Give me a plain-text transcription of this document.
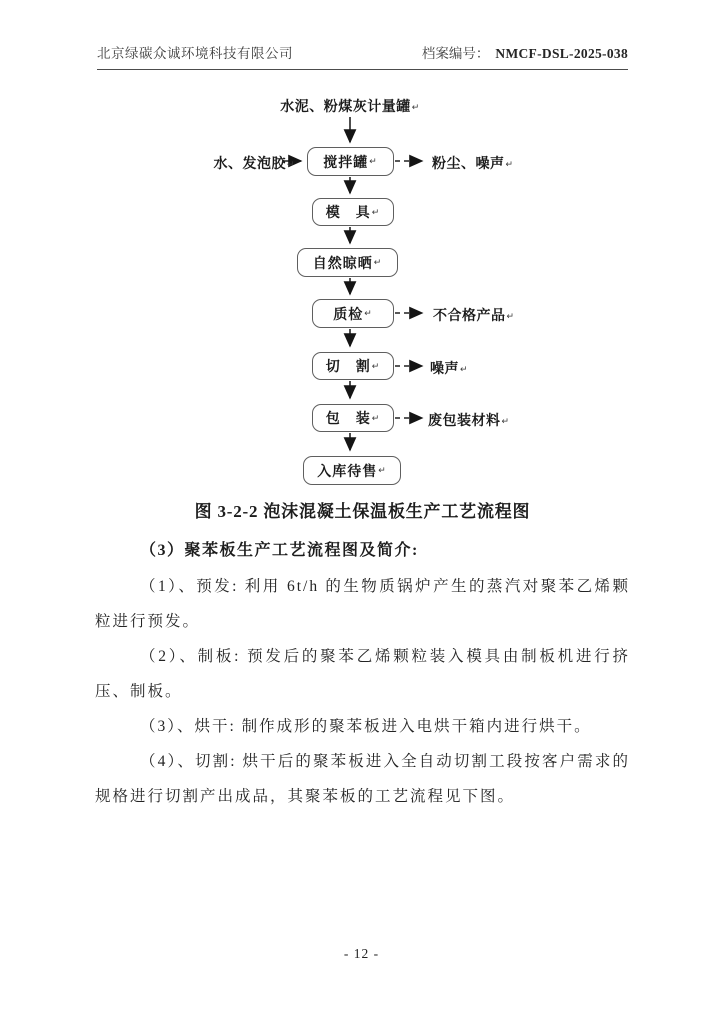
北京绿碳众诚环境科技有限公司	档案编号： NMCF-DSL-2025-038
水泥、粉煤灰计量罐↵
水、发泡胶↵ 搅拌罐 ↵	粉尘、噪声↵
模　具 ↵
自然晾晒 ↵
质检 ↵	不合格产品↵
切　割 ↵	噪声↵
包　装 ↵	废包装材料↵
入库待售 ↵

图 3-2-2 泡沫混凝土保温板生产工艺流程图

（3）聚苯板生产工艺流程图及简介:

（1）、预发: 利用 6t/h 的生物质锅炉产生的蒸汽对聚苯乙烯颗粒进行预发。

（2）、制板: 预发后的聚苯乙烯颗粒装入模具由制板机进行挤压、制板。

（3）、烘干: 制作成形的聚苯板进入电烘干箱内进行烘干。

（4）、切割: 烘干后的聚苯板进入全自动切割工段按客户需求的规格进行切割产出成品，其聚苯板的工艺流程见下图。

- 12 -
